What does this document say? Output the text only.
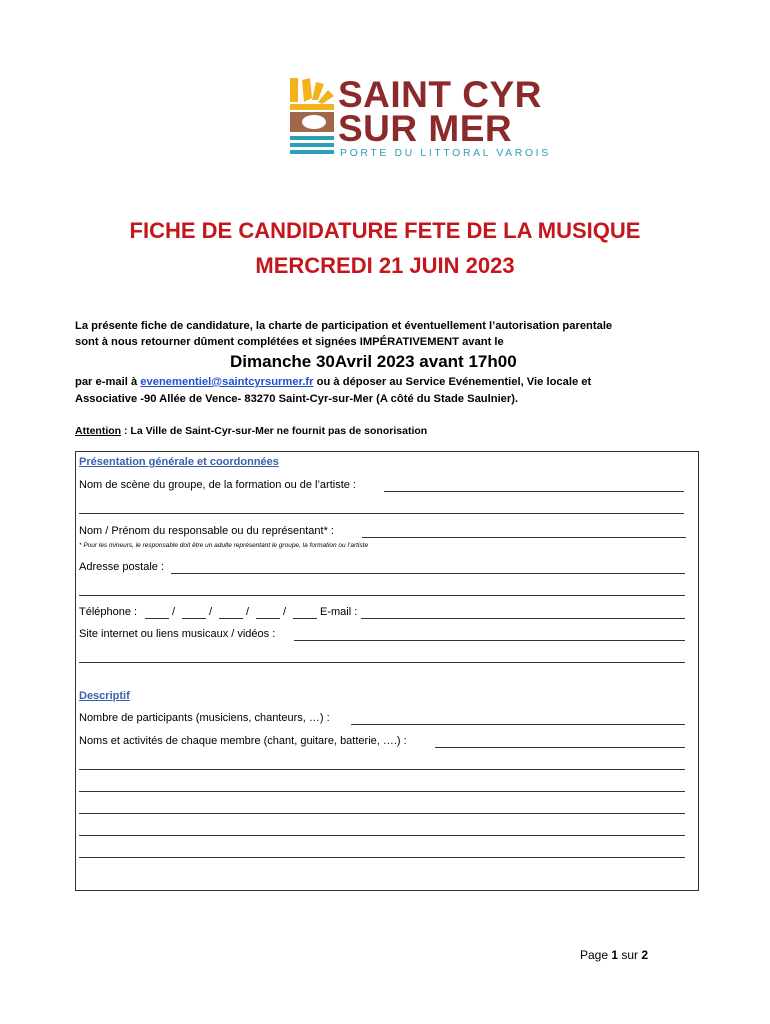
SAINT CYR
SUR MER
PORTE DU LITTORAL VAROIS
FICHE DE CANDIDATURE FETE DE LA MUSIQUE
MERCREDI 21 JUIN 2023
La présente fiche de candidature, la charte de participation et éventuellement l’autorisation parentale
sont à nous retourner dûment complétées et signées IMPÉRATIVEMENT avant le
Dimanche 30Avril 2023 avant 17h00
par e-mail à evenementiel@saintcyrsurmer.fr ou à déposer au Service Evénementiel, Vie locale et
Associative -90 Allée de Vence- 83270 Saint-Cyr-sur-Mer (A côté du Stade Saulnier).
Attention : La Ville de Saint-Cyr-sur-Mer ne fournit pas de sonorisation
Présentation générale et coordonnées
Nom de scène du groupe, de la formation ou de l’artiste :
Nom / Prénom du responsable ou du représentant* :
* Pour les mineurs, le responsable doit être un adulte représentant le groupe, la formation ou l’artiste
Adresse postale :
Téléphone :	/	/	/	/	E-mail :
Site internet ou liens musicaux / vidéos :
Descriptif
Nombre de participants (musiciens, chanteurs, …) :
Noms et activités de chaque membre (chant, guitare, batterie, ….) :
Page 1 sur 2
